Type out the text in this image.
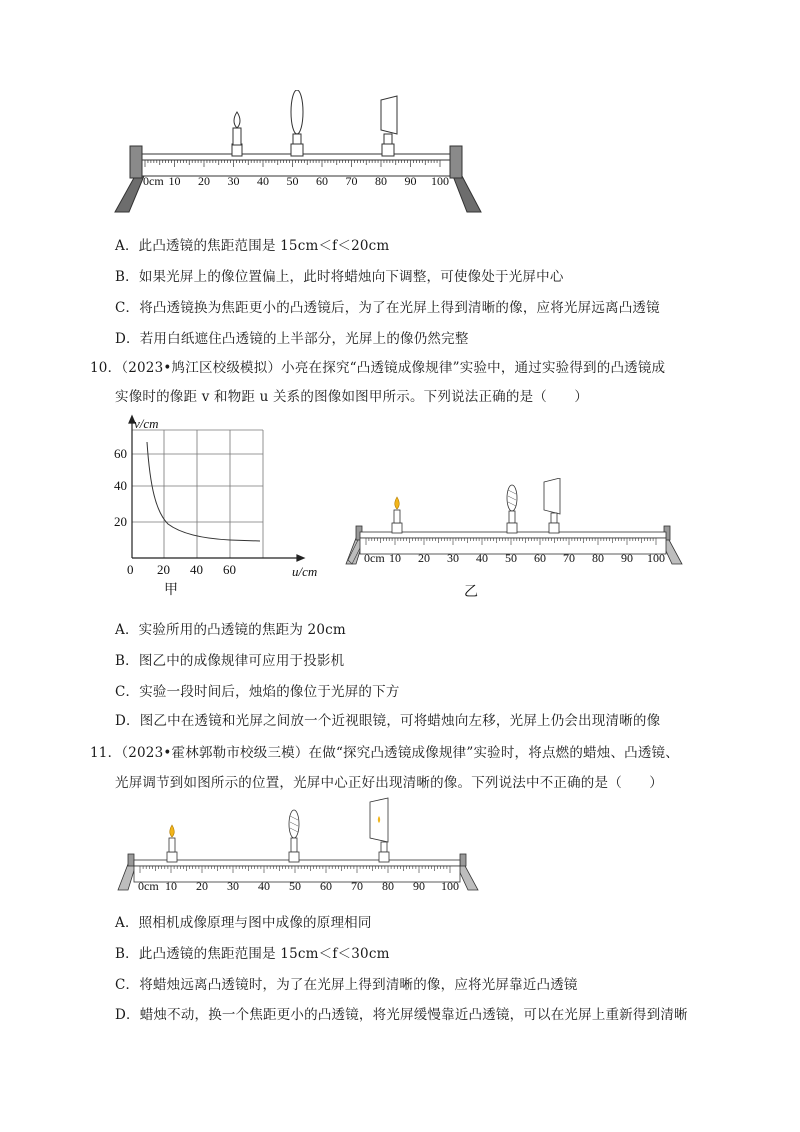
0cm 10 20 30 40 50 60 70 80 90 100
A．此凸透镜的焦距范围是 15cm＜f＜20cm
B．如果光屏上的像位置偏上，此时将蜡烛向下调整，可使像处于光屏中心
C．将凸透镜换为焦距更小的凸透镜后，为了在光屏上得到清晰的像，应将光屏远离凸透镜
D．若用白纸遮住凸透镜的上半部分，光屏上的像仍然完整
10．（2023•鸠江区校级模拟）小亮在探究“凸透镜成像规律”实验中，通过实验得到的凸透镜成
实像时的像距 v 和物距 u 关系的图像如图甲所示。下列说法正确的是（　　）
v/cm
u/cm
60
40
20
0 20 40 60
甲
0cm 10 20 30 40 50 60 70 80 90 100
乙
A．实验所用的凸透镜的焦距为 20cm
B．图乙中的成像规律可应用于投影机
C．实验一段时间后，烛焰的像位于光屏的下方
D．图乙中在透镜和光屏之间放一个近视眼镜，可将蜡烛向左移，光屏上仍会出现清晰的像
11．（2023•霍林郭勒市校级三模）在做“探究凸透镜成像规律”实验时，将点燃的蜡烛、凸透镜、
光屏调节到如图所示的位置，光屏中心正好出现清晰的像。下列说法中不正确的是（　　）
0cm 10 20 30 40 50 60 70 80 90 100
A．照相机成像原理与图中成像的原理相同
B．此凸透镜的焦距范围是 15cm＜f＜30cm
C．将蜡烛远离凸透镜时，为了在光屏上得到清晰的像，应将光屏靠近凸透镜
D．蜡烛不动，换一个焦距更小的凸透镜，将光屏缓慢靠近凸透镜，可以在光屏上重新得到清晰
